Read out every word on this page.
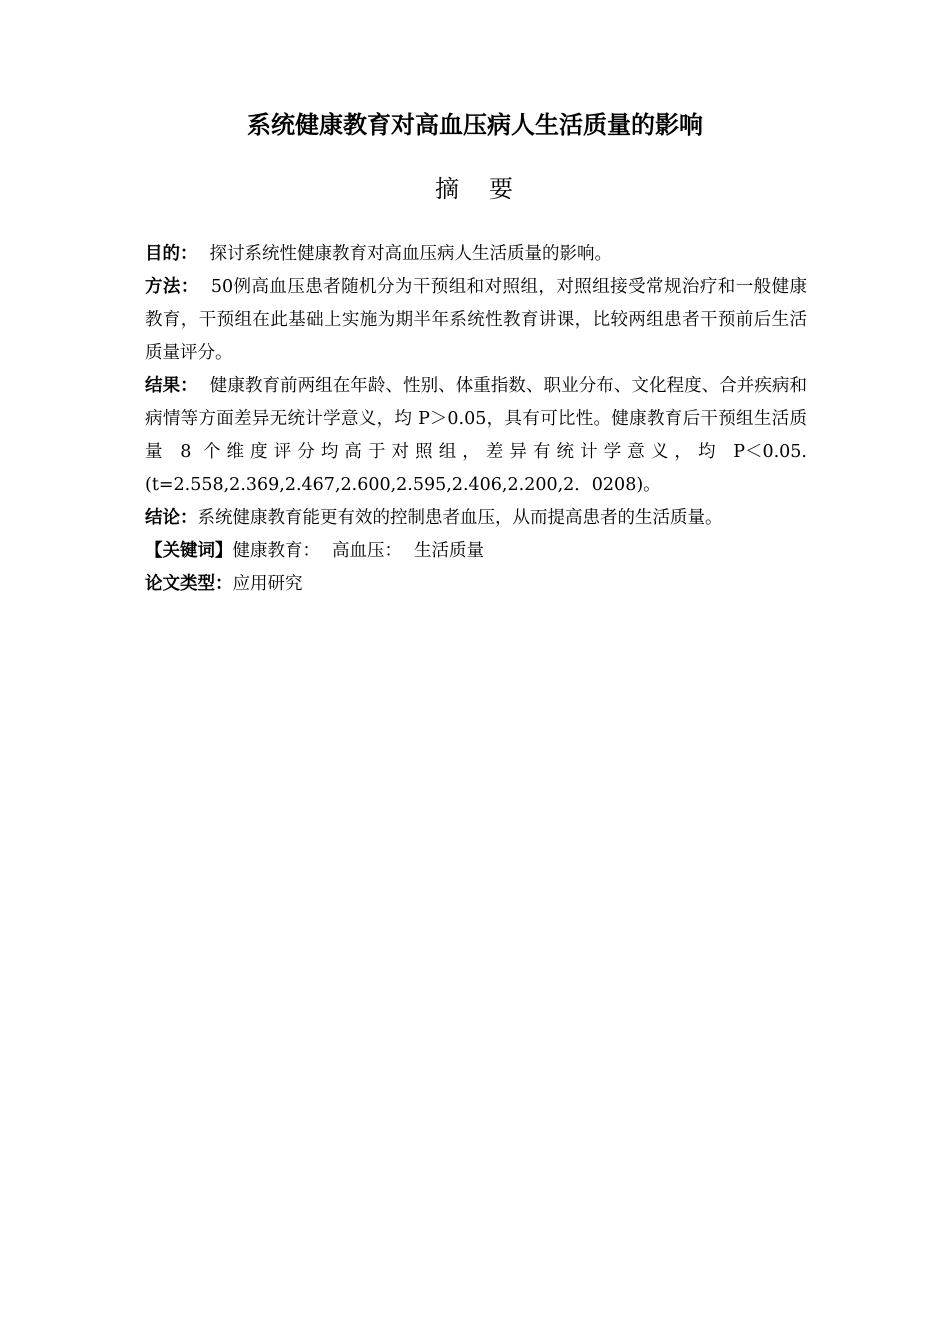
系统健康教育对高血压病人生活质量的影响
摘 要

目的： 探讨系统性健康教育对高血压病人生活质量的影响。

方法： 50例高血压患者随机分为干预组和对照组，对照组接受常规治疗和一般健康教育，干预组在此基础上实施为期半年系统性教育讲课，比较两组患者干预前后生活质量评分。

结果： 健康教育前两组在年龄、性别、体重指数、职业分布、文化程度、合并疾病和病情等方面差异无统计学意义，均 P＞0.05，具有可比性。健康教育后干预组生活质量 8 个维度评分均高于对照组，差异有统计学意义，均 P＜0.05.(t=2.558,2.369,2.467,2.600,2.595,2.406,2.200,2．0208)。

结论：系统健康教育能更有效的控制患者血压，从而提高患者的生活质量。

【关键词】健康教育： 高血压： 生活质量

论文类型：应用研究
